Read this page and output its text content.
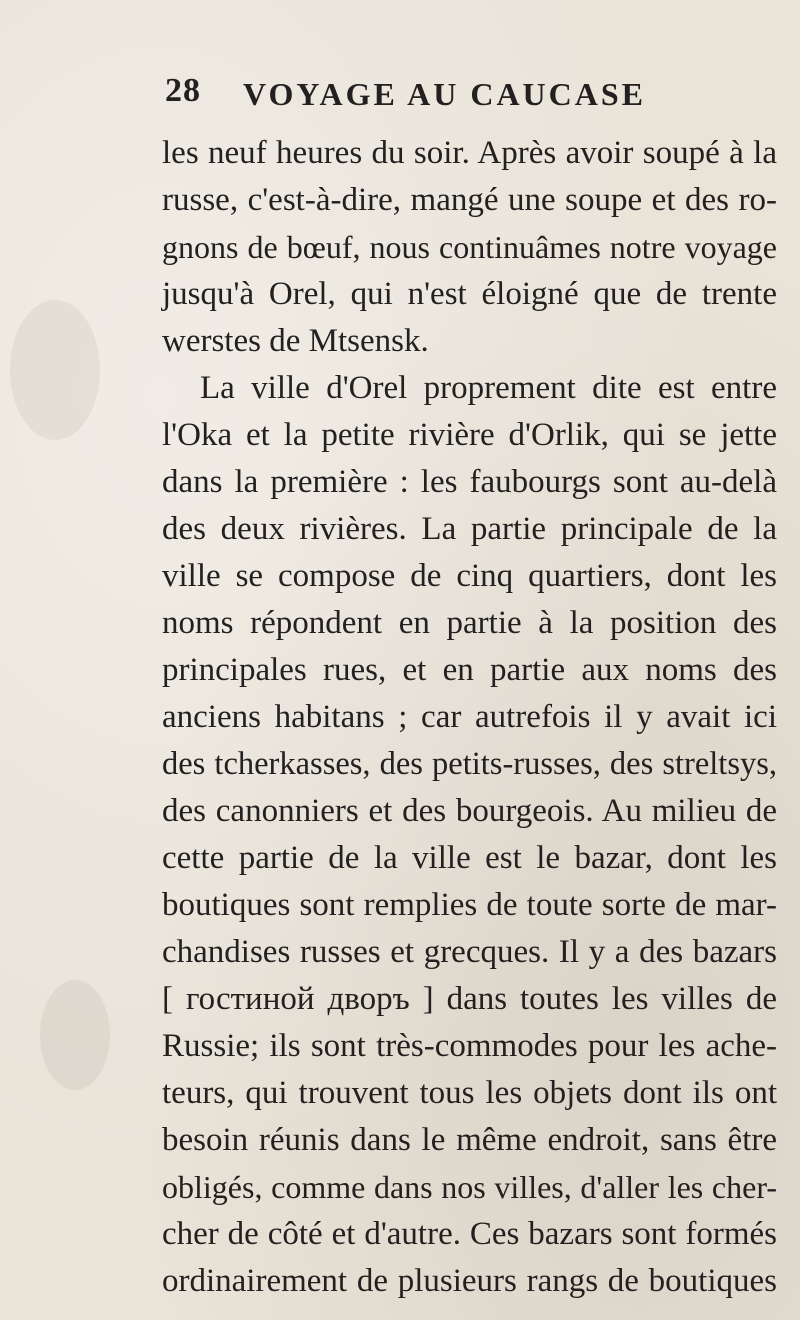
28 VOYAGE AU CAUCASE
les neuf heures du soir. Après avoir soupé à la
russe, c'est-à-dire, mangé une soupe et des ro-
gnons de bœuf, nous continuâmes notre voyage
jusqu'à Orel, qui n'est éloigné que de trente
werstes de Mtsensk.
La ville d'Orel proprement dite est entre
l'Oka et la petite rivière d'Orlik, qui se jette
dans la première : les faubourgs sont au-delà
des deux rivières. La partie principale de la
ville se compose de cinq quartiers, dont les
noms répondent en partie à la position des
principales rues, et en partie aux noms des
anciens habitans ; car autrefois il y avait ici
des tcherkasses, des petits-russes, des streltsys,
des canonniers et des bourgeois. Au milieu de
cette partie de la ville est le bazar, dont les
boutiques sont remplies de toute sorte de mar-
chandises russes et grecques. Il y a des bazars
[ гостиной дворъ ] dans toutes les villes de
Russie; ils sont très-commodes pour les ache-
teurs, qui trouvent tous les objets dont ils ont
besoin réunis dans le même endroit, sans être
obligés, comme dans nos villes, d'aller les cher-
cher de côté et d'autre. Ces bazars sont formés
ordinairement de plusieurs rangs de boutiques
